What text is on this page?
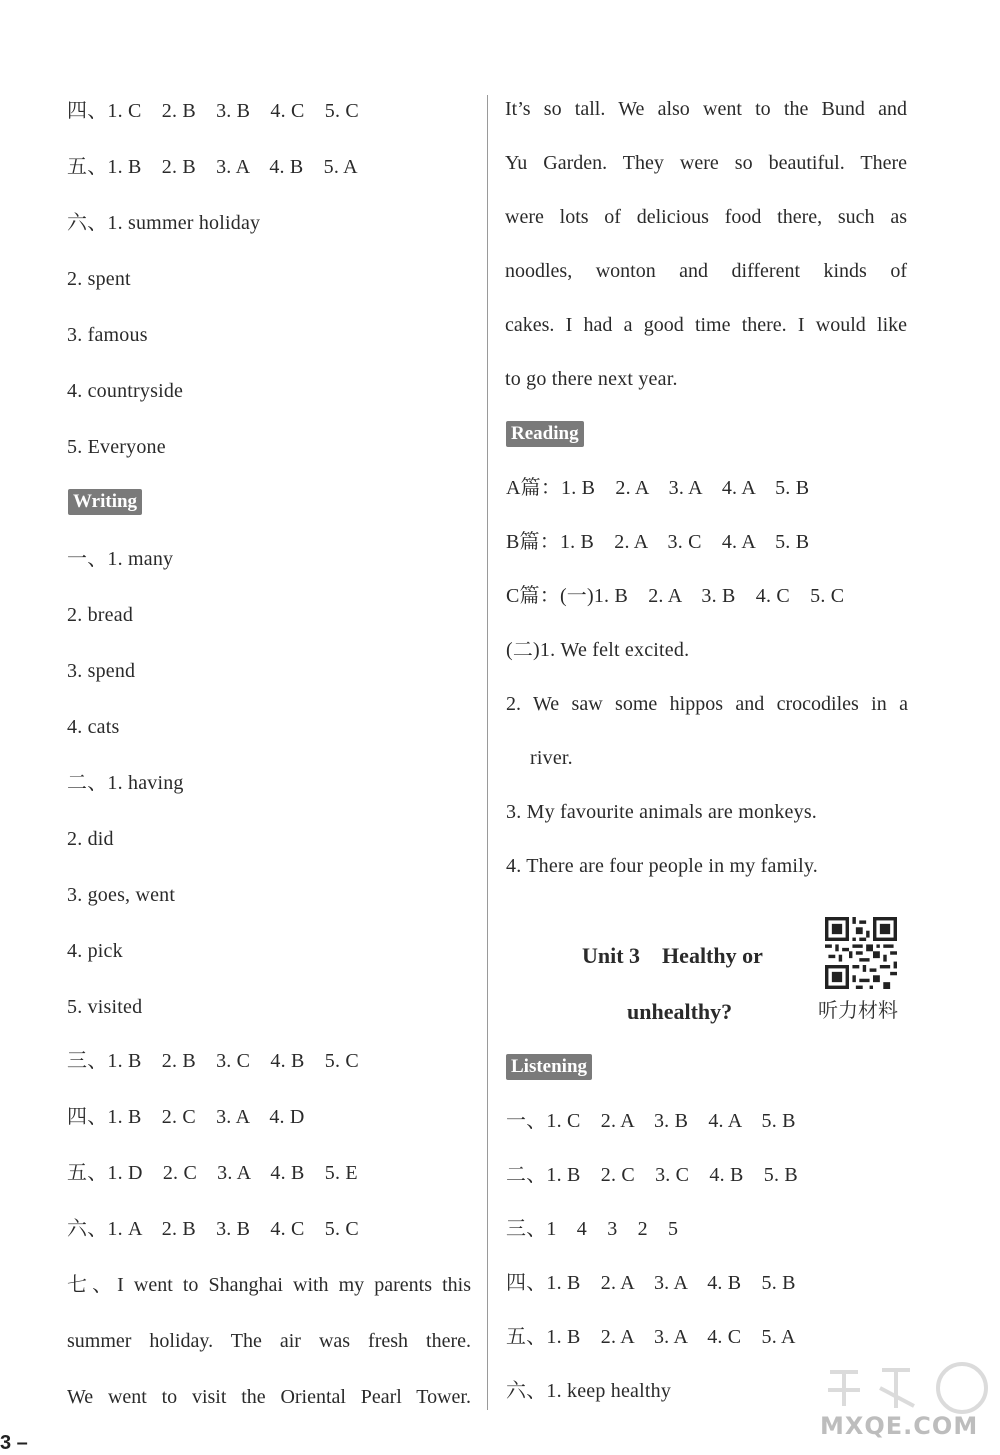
四、1. C　2. B　3. B　4. C　5. C
五、1. B　2. B　3. A　4. B　5. A
六、1. summer holiday
2. spent
3. famous
4. countryside
5. Everyone
Writing
一、1. many
2. bread
3. spend
4. cats
二、1. having
2. did
3. goes, went
4. pick
5. visited
三、1. B　2. B　3. C　4. B　5. C
四、1. B　2. C　3. A　4. D
五、1. D　2. C　3. A　4. B　5. E
六、1. A　2. B　3. B　4. C　5. C
七、I went to Shanghai with my parents this
summer holiday. The air was fresh there.
We went to visit the Oriental Pearl Tower.
It’s so tall. We also went to the Bund and
Yu Garden. They were so beautiful. There
were lots of delicious food there, such as
noodles, wonton and different kinds of
cakes. I had a good time there. I would like
to go there next year.
Reading
A篇：1. B　2. A　3. A　4. A　5. B
B篇：1. B　2. A　3. C　4. A　5. B
C篇：(一)1. B　2. A　3. B　4. C　5. C
(二)1. We felt excited.
2. We saw some hippos and crocodiles in a
river.
3. My favourite animals are monkeys.
4. There are four people in my family.
Unit 3　Healthy or
unhealthy?	听力材料
Listening
一、1. C　2. A　3. B　4. A　5. B
二、1. B　2. C　3. C　4. B　5. B
三、1　4　3　2　5
四、1. B　2. A　3. A　4. B　5. B
五、1. B　2. A　3. A　4. C　5. A
六、1. keep healthy
MXQE.COM
3 –
